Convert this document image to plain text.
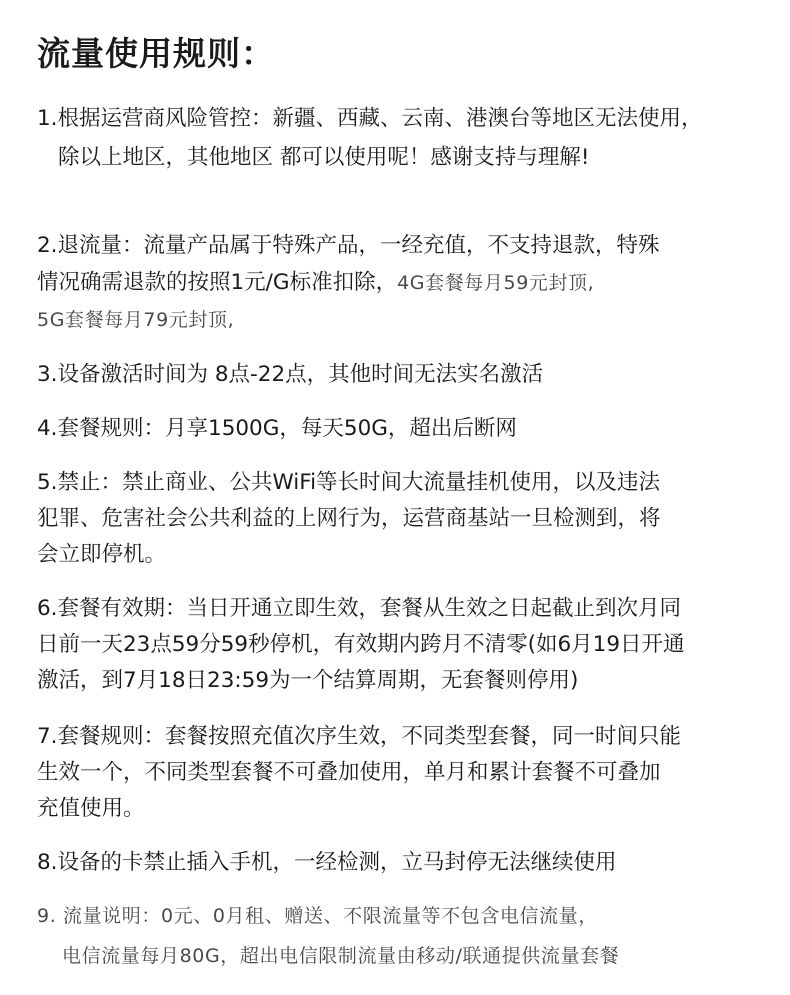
流量使用规则：
1.根据运营商风险管控：新疆、西藏、云南、港澳台等地区无法使用，
除以上地区，其他地区 都可以使用呢！感谢支持与理解!
2.退流量：流量产品属于特殊产品，一经充值，不支持退款，特殊
情况确需退款的按照1元/G标准扣除，4G套餐每月59元封顶,
5G套餐每月79元封顶,
3.设备激活时间为 8点-22点，其他时间无法实名激活
4.套餐规则：月享1500G，每天50G，超出后断网
5.禁止：禁止商业、公共WiFi等长时间大流量挂机使用，以及违法
犯罪、危害社会公共利益的上网行为，运营商基站一旦检测到，将
会立即停机。
6.套餐有效期：当日开通立即生效，套餐从生效之日起截止到次月同
日前一天23点59分59秒停机，有效期内跨月不清零(如6月19日开通
激活，到7月18日23:59为一个结算周期，无套餐则停用)
7.套餐规则：套餐按照充值次序生效，不同类型套餐，同一时间只能
生效一个，不同类型套餐不可叠加使用，单月和累计套餐不可叠加
充值使用。
8.设备的卡禁止插入手机，一经检测，立马封停无法继续使用
9. 流量说明：0元、0月租、赠送、不限流量等不包含电信流量，
电信流量每月80G，超出电信限制流量由移动/联通提供流量套餐
